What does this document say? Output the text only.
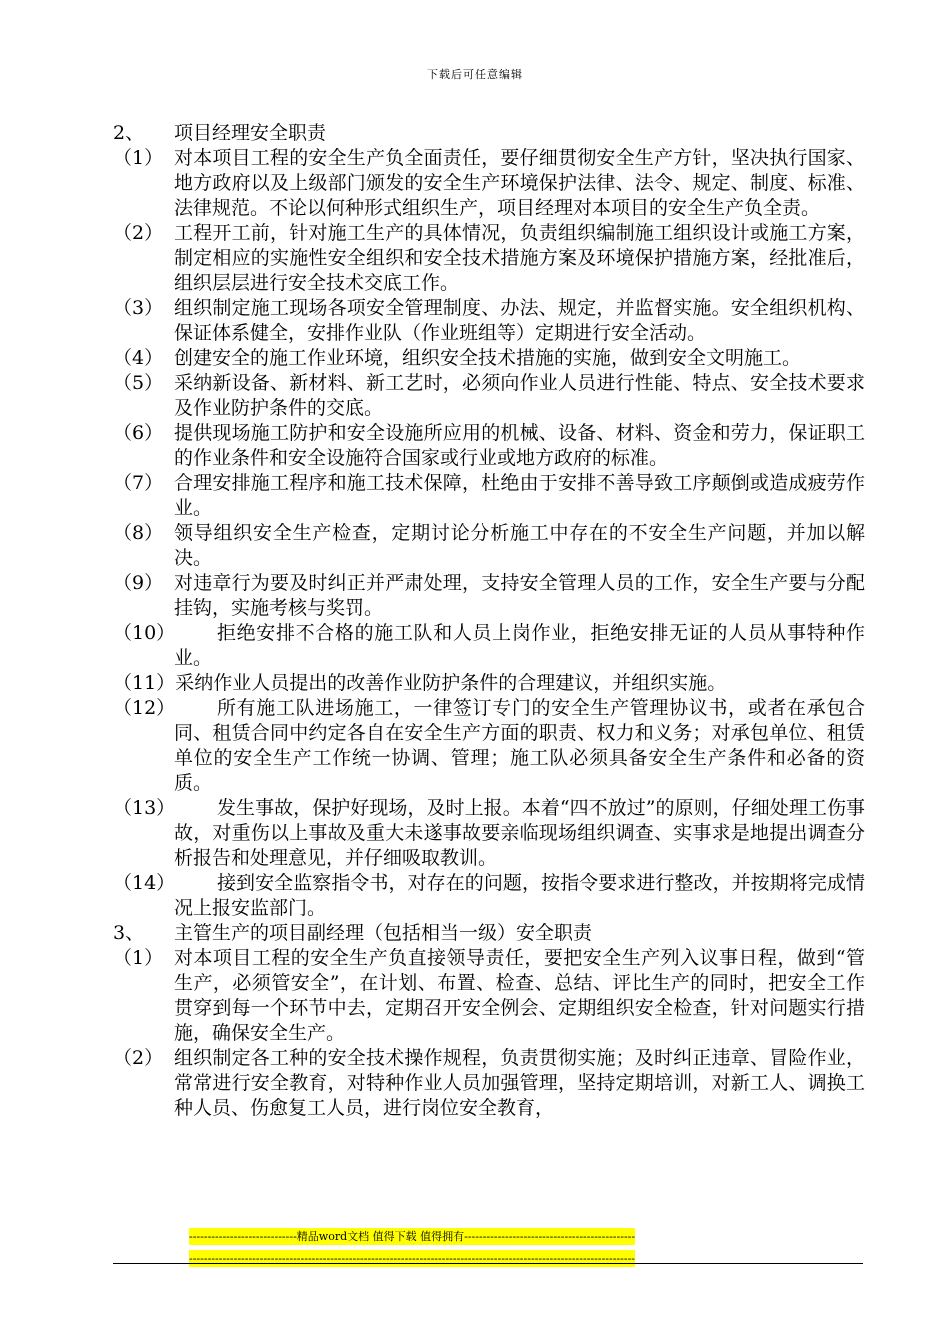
下载后可任意编辑
2、	项目经理安全职责
（1） 对本项目工程的安全生产负全面责任，要仔细贯彻安全生产方针，坚决执行国家、地方政府以及上级部门颁发的安全生产环境保护法律、法令、规定、制度、标准、法律规范。不论以何种形式组织生产，项目经理对本项目的安全生产负全责。
（2） 工程开工前，针对施工生产的具体情况，负责组织编制施工组织设计或施工方案，制定相应的实施性安全组织和安全技术措施方案及环境保护措施方案，经批准后，组织层层进行安全技术交底工作。
（3） 组织制定施工现场各项安全管理制度、办法、规定，并监督实施。安全组织机构、保证体系健全，安排作业队（作业班组等）定期进行安全活动。
（4） 创建安全的施工作业环境，组织安全技术措施的实施，做到安全文明施工。
（5） 采纳新设备、新材料、新工艺时，必须向作业人员进行性能、特点、安全技术要求及作业防护条件的交底。
（6） 提供现场施工防护和安全设施所应用的机械、设备、材料、资金和劳力，保证职工的作业条件和安全设施符合国家或行业或地方政府的标准。
（7） 合理安排施工程序和施工技术保障，杜绝由于安排不善导致工序颠倒或造成疲劳作业。
（8） 领导组织安全生产检查，定期讨论分析施工中存在的不安全生产问题，并加以解决。
（9） 对违章行为要及时纠正并严肃处理，支持安全管理人员的工作，安全生产要与分配挂钩，实施考核与奖罚。
（10）	拒绝安排不合格的施工队和人员上岗作业，拒绝安排无证的人员从事特种作业。
（11） 采纳作业人员提出的改善作业防护条件的合理建议，并组织实施。
（12）	所有施工队进场施工，一律签订专门的安全生产管理协议书，或者在承包合同、租赁合同中约定各自在安全生产方面的职责、权力和义务；对承包单位、租赁单位的安全生产工作统一协调、管理；施工队必须具备安全生产条件和必备的资质。
（13）	发生事故，保护好现场，及时上报。本着“四不放过”的原则，仔细处理工伤事故，对重伤以上事故及重大未遂事故要亲临现场组织调查、实事求是地提出调查分析报告和处理意见，并仔细吸取教训。
（14）	接到安全监察指令书，对存在的问题，按指令要求进行整改，并按期将完成情况上报安监部门。
3、	主管生产的项目副经理（包括相当一级）安全职责
（1） 对本项目工程的安全生产负直接领导责任，要把安全生产列入议事日程，做到“管生产，必须管安全”，在计划、布置、检查、总结、评比生产的同时，把安全工作贯穿到每一个环节中去，定期召开安全例会、定期组织安全检查，针对问题实行措施，确保安全生产。
（2） 组织制定各工种的安全技术操作规程，负责贯彻实施；及时纠正违章、冒险作业，常常进行安全教育，对特种作业人员加强管理，坚持定期培训，对新工人、调换工种人员、伤愈复工人员，进行岗位安全教育，
-----------------------------精品word文档 值得下载 值得拥有----------------------------------------------
------------------------------------------------------------------------------------------------------------------------
